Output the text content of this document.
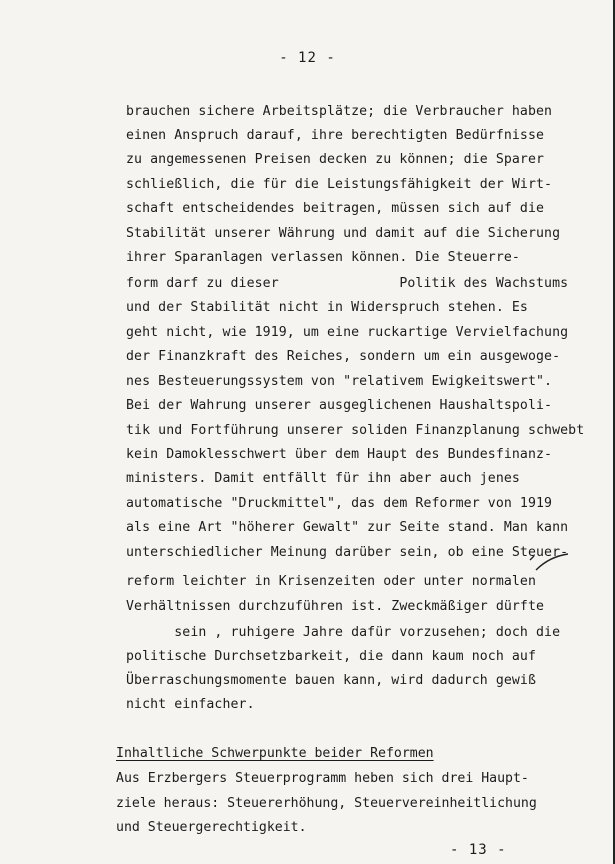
- 12 -
brauchen sichere Arbeitsplätze; die Verbraucher haben
einen Anspruch darauf, ihre berechtigten Bedürfnisse
zu angemessenen Preisen decken zu können; die Sparer
schließlich, die für die Leistungsfähigkeit der Wirt-
schaft entscheidendes beitragen, müssen sich auf die
Stabilität unserer Währung und damit auf die Sicherung
ihrer Sparanlagen verlassen können. Die Steuerre-
form darf zu dieser               Politik des Wachstums
und der Stabilität nicht in Widerspruch stehen. Es
geht nicht, wie 1919, um eine ruckartige Vervielfachung
der Finanzkraft des Reiches, sondern um ein ausgewoge-
nes Besteuerungssystem von "relativem Ewigkeitswert".
Bei der Wahrung unserer ausgeglichenen Haushaltspoli-
tik und Fortführung unserer soliden Finanzplanung schwebt
kein Damoklesschwert über dem Haupt des Bundesfinanz-
ministers. Damit entfällt für ihn aber auch jenes
automatische "Druckmittel", das dem Reformer von 1919
als eine Art "höherer Gewalt" zur Seite stand. Man kann
unterschiedlicher Meinung darüber sein, ob eine Steuer-
reform leichter in Krisenzeiten oder unter normalen
Verhältnissen durchzuführen ist. Zweckmäßiger dürfte
sein , ruhigere Jahre dafür vorzusehen; doch die
politische Durchsetzbarkeit, die dann kaum noch auf
Überraschungsmomente bauen kann, wird dadurch gewiß
nicht einfacher.
Inhaltliche Schwerpunkte beider Reformen
Aus Erzbergers Steuerprogramm heben sich drei Haupt-
ziele heraus: Steuererhöhung, Steuervereinheitlichung
und Steuergerechtigkeit.
- 13 -
